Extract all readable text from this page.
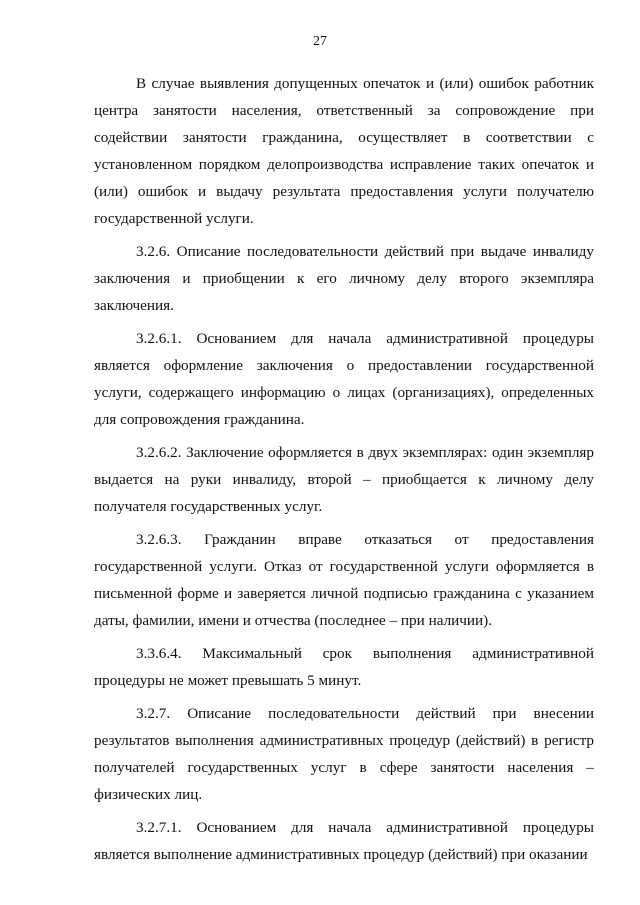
27

В случае выявления допущенных опечаток и (или) ошибок работник центра занятости населения, ответственный за сопровождение при содействии занятости гражданина, осуществляет в соответствии с установленном порядком делопроизводства исправление таких опечаток и (или) ошибок и выдачу результата предоставления услуги получателю государственной услуги.

3.2.6. Описание последовательности действий при выдаче инвалиду заключения и приобщении к его личному делу второго экземпляра заключения.

3.2.6.1. Основанием для начала административной процедуры является оформление заключения о предоставлении государственной услуги, содержащего информацию о лицах (организациях), определенных для сопровождения гражданина.

3.2.6.2. Заключение оформляется в двух экземплярах: один экземпляр выдается на руки инвалиду, второй – приобщается к личному делу получателя государственных услуг.

3.2.6.3. Гражданин вправе отказаться от предоставления государственной услуги. Отказ от государственной услуги оформляется в письменной форме и заверяется личной подписью гражданина с указанием даты, фамилии, имени и отчества (последнее – при наличии).

3.3.6.4. Максимальный срок выполнения административной процедуры не может превышать 5 минут.

3.2.7. Описание последовательности действий при внесении результатов выполнения административных процедур (действий) в регистр получателей государственных услуг в сфере занятости населения – физических лиц.

3.2.7.1. Основанием для начала административной процедуры является выполнение административных процедур (действий) при оказании
